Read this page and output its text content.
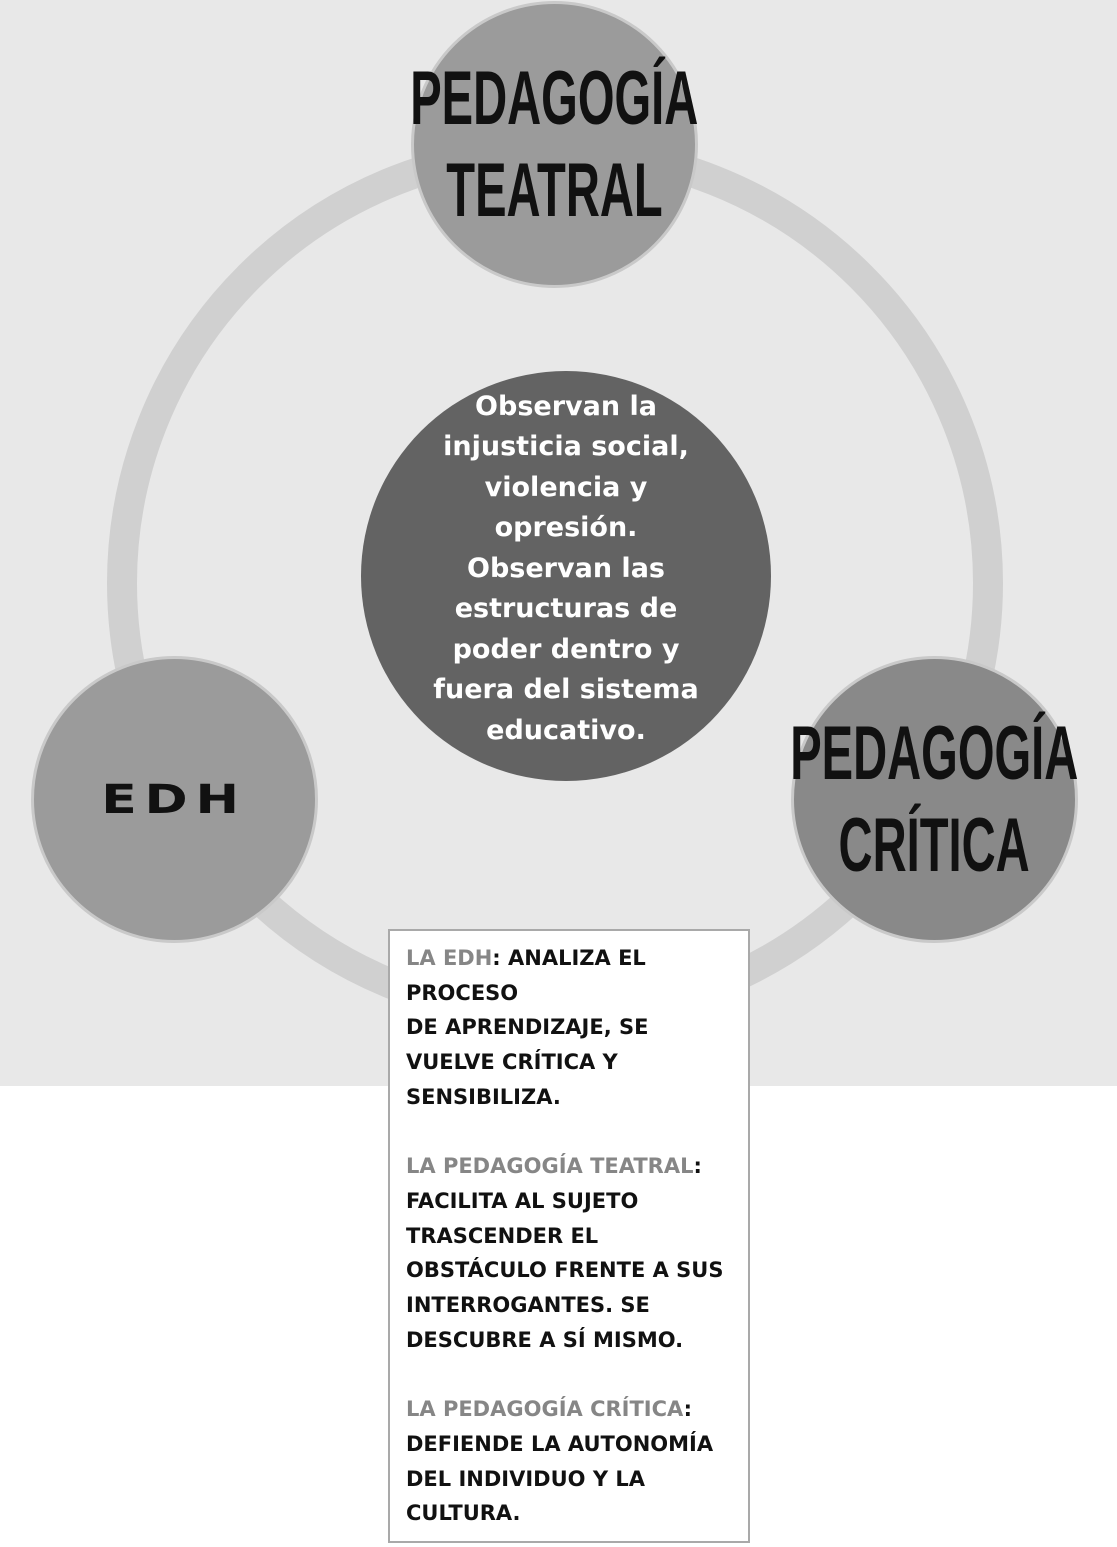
PEDAGOGÍA
TEATRAL
EDH
PEDAGOGÍA
CRÍTICA
Observan la
injusticia social,
violencia y
opresión.
Observan las
estructuras de
poder dentro y
fuera del sistema
educativo.
LA EDH: ANALIZA EL
PROCESO
DE APRENDIZAJE, SE
VUELVE CRÍTICA Y
SENSIBILIZA.
LA PEDAGOGÍA TEATRAL:
FACILITA AL SUJETO
TRASCENDER EL
OBSTÁCULO FRENTE A SUS
INTERROGANTES. SE
DESCUBRE A SÍ MISMO.
LA PEDAGOGÍA CRÍTICA:
DEFIENDE LA AUTONOMÍA
DEL INDIVIDUO Y LA
CULTURA.
